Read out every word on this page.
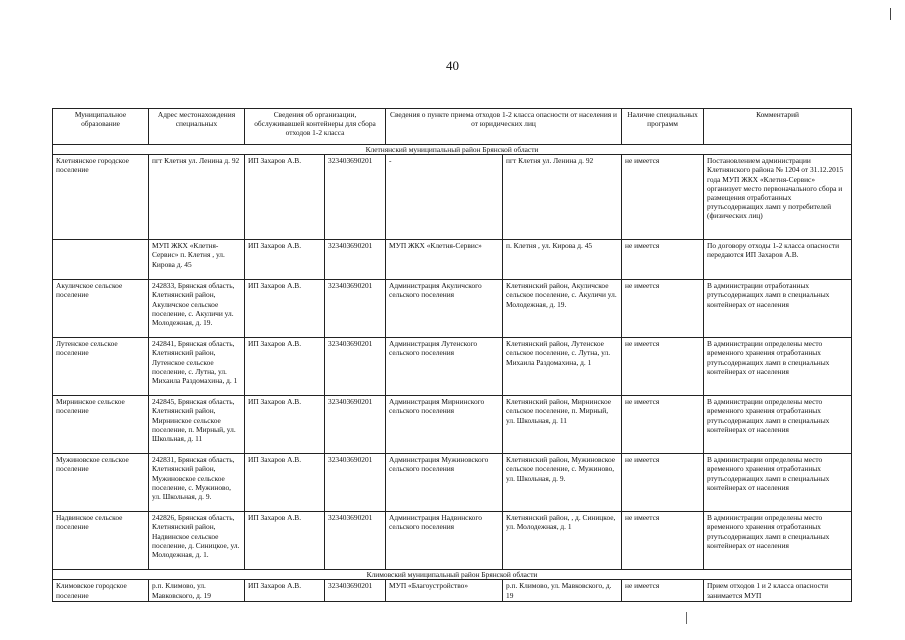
40
Муниципальное образование	Адрес местонахождения специальных	Сведения об организации, обслуживавшей контейнеры для сбора отходов 1-2 класса		Сведения о пункте приема отходов 1-2 класса опасности от населения и от юридических лиц		Наличие специальных программ	Комментарий
Клетнянский муниципальный район Брянской области							
Клетнянское городское поселение	пгт Клетня ул. Ленина д. 92	ИП Захаров А.В.	323403690201	-	пгт Клетня ул. Ленина д. 92	не имеется	Постановлением администрации Клетнянского района № 1204 от 31.12.2015 года МУП ЖКХ «Клетня-Сервис» организует место первоначального сбора и размещения отработанных ртутьсодержащих ламп у потребителей (физических лиц)
	МУП ЖКХ «Клетня-Сервис» п. Клетня , ул. Кирова д. 45	ИП Захаров А.В.	323403690201	МУП ЖКХ «Клетня-Сервис»	п. Клетня , ул. Кирова д. 45	не имеется	По договору отходы 1-2 класса опасности передаются ИП Захаров А.В.
Акуличское сельское поселение	242833, Брянская область, Клетнянский район, Акуличское сельское поселение, с. Акуличи ул. Молодежная, д. 19.	ИП Захаров А.В.	323403690201	Администрация Акуличского сельского поселения	Клетнянский район, Акуличское сельское поселение, с. Акуличи ул. Молодежная, д. 19.	не имеется	В администрации отработанных ртутьсодержащих ламп в специальных контейнерах от населения
Лутенское сельское поселение	242841, Брянская область, Клетнянский район, Лутенское сельское поселение, с. Лутна, ул. Михаила Раздомахина, д. 1	ИП Захаров А.В.	323403690201	Администрация Лутенского сельского поселения	Клетнянский район, Лутенское сельское поселение, с. Лутна, ул. Михаила Раздомахина, д. 1	не имеется	В администрации определены место временного хранения отработанных ртутьсодержащих ламп в специальных контейнерах от населения
Мирнинское сельское поселение	242845, Брянская область, Клетнянский район, Мирнинское сельское поселение, п. Мирный, ул. Школьная, д. 11	ИП Захаров А.В.	323403690201	Администрация Мирнинского сельского поселения	Клетнянский район, Мирнинское сельское поселение, п. Мирный, ул. Школьная, д. 11	не имеется	В администрации определены место временного хранения отработанных ртутьсодержащих ламп в специальных контейнерах от населения
Мужиновское сельское поселение	242831, Брянская область, Клетнянский район, Мужиновское сельское поселение, с. Мужиново, ул. Школьная, д. 9.	ИП Захаров А.В.	323403690201	Администрация Мужиновского сельского поселения	Клетнянский район, Мужиновское сельское поселение, с. Мужиново, ул. Школьная, д. 9.	не имеется	В администрации определены место временного хранения отработанных ртутьсодержащих ламп в специальных контейнерах от населения
Надвинское сельское поселение	242826, Брянская область, Клетнянский район, Надвинское сельское поселение, д. Синицкое, ул. Молодежная, д. 1.	ИП Захаров А.В.	323403690201	Администрация Надвинского сельского поселения	Клетнянский район, , д. Синицкое, ул. Молодежная, д. 1	не имеется	В администрации определены место временного хранения отработанных ртутьсодержащих ламп в специальных контейнерах от населения
Климовский муниципальный район Брянской области							
Климовское городское поселение	р.п. Климово, ул. Мавковского, д. 19	ИП Захаров А.В.	323403690201	МУП «Благоустройство»	р.п. Климово, ул. Мавковского, д. 19	не имеется	Прием отходов 1 и 2 класса опасности занимается МУП
